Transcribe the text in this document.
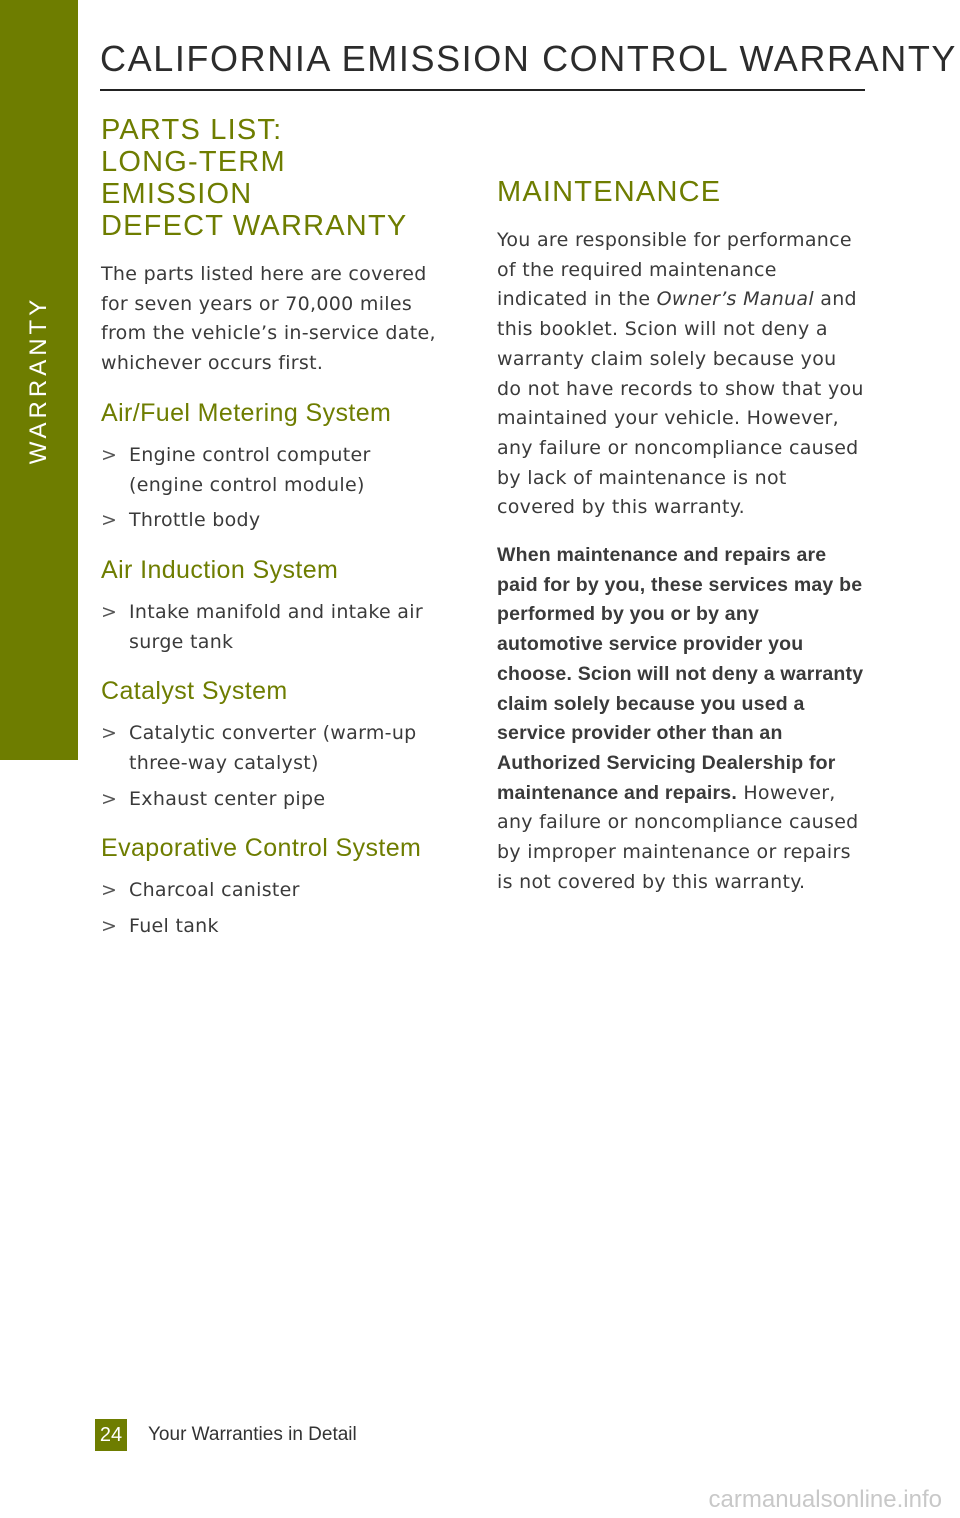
WARRANTY
CALIFORNIA EMISSION CONTROL WARRANTY
PARTS LIST:
LONG-TERM EMISSION
DEFECT WARRANTY

The parts listed here are covered for seven years or 70,000 miles from the vehicle’s in-service date, whichever occurs first.

Air/Fuel Metering System
> Engine control computer (engine control module)
> Throttle body
Air Induction System
> Intake manifold and intake air surge tank
Catalyst System
> Catalytic converter (warm-up three-way catalyst)
> Exhaust center pipe
Evaporative Control System
> Charcoal canister
> Fuel tank
MAINTENANCE

You are responsible for performance of the required maintenance indicated in the Owner’s Manual and this booklet. Scion will not deny a warranty claim solely because you do not have records to show that you maintained your vehicle. However, any failure or noncompliance caused by lack of maintenance is not covered by this warranty.

When maintenance and repairs are paid for by you, these services may be performed by you or by any automotive service provider you choose. Scion will not deny a warranty claim solely because you used a service provider other than an Authorized Servicing Dealership for maintenance and repairs. However, any failure or noncompliance caused by improper maintenance or repairs is not covered by this warranty.

24 Your Warranties in Detail
carmanualsonline.info
